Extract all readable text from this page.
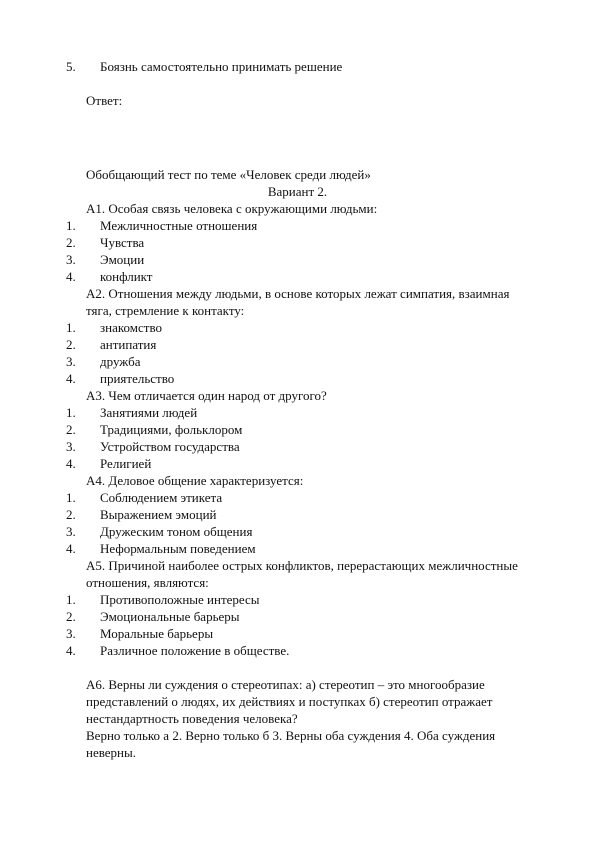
5. Боязнь самостоятельно принимать решение
Ответ:
Обобщающий тест по теме «Человек среди людей»
Вариант 2.
А1. Особая связь человека с окружающими людьми:
1. Межличностные отношения
2. Чувства
3. Эмоции
4. конфликт
А2. Отношения между людьми, в основе которых лежат симпатия, взаимная
тяга, стремление к контакту:
1. знакомство
2. антипатия
3. дружба
4. приятельство
А3. Чем отличается один народ от другого?
1. Занятиями людей
2. Традициями, фольклором
3. Устройством государства
4. Религией
А4. Деловое общение характеризуется:
1. Соблюдением этикета
2. Выражением эмоций
3. Дружеским тоном общения
4. Неформальным поведением
А5. Причиной наиболее острых конфликтов, перерастающих межличностные
отношения, являются:
1. Противоположные интересы
2. Эмоциональные барьеры
3. Моральные барьеры
4. Различное положение в обществе.
А6. Верны ли суждения о стереотипах: а) стереотип – это многообразие
представлений о людях, их действиях и поступках б) стереотип отражает
нестандартность поведения человека?
Верно только а 2. Верно только б 3. Верны оба суждения 4. Оба суждения
неверны.
